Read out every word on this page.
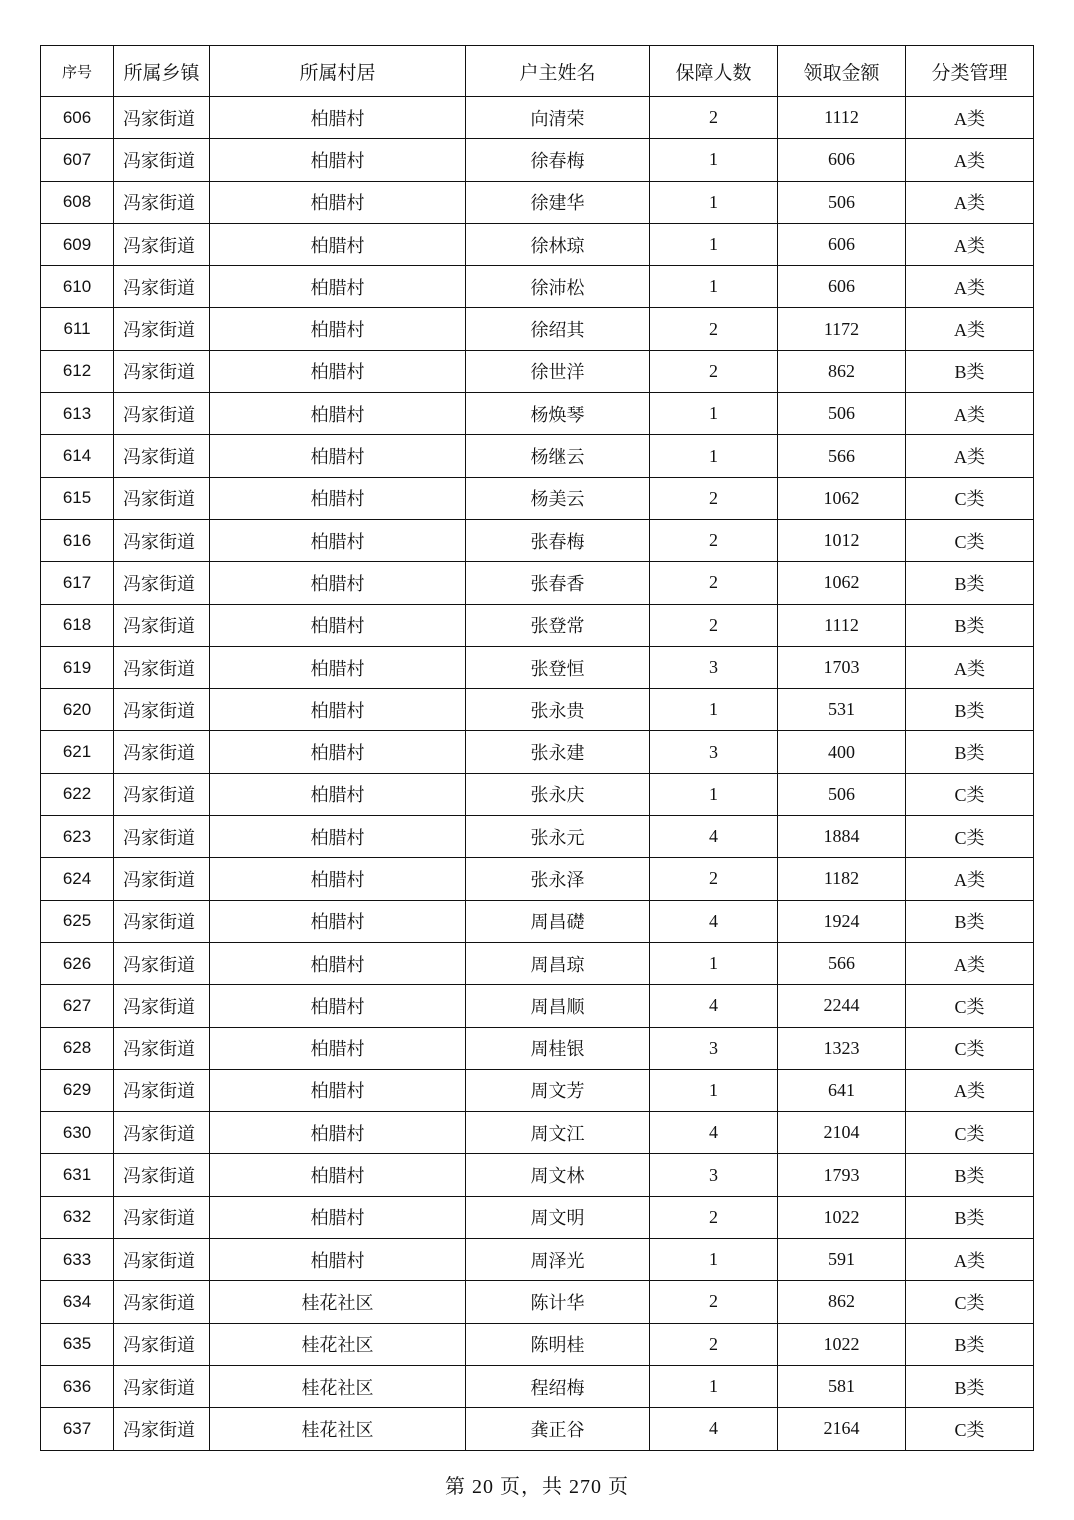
序号	所属乡镇	所属村居	户主姓名	保障人数	领取金额	分类管理
606	冯家街道	柏腊村	向清荣	2	1112	A类
607	冯家街道	柏腊村	徐春梅	1	606	A类
608	冯家街道	柏腊村	徐建华	1	506	A类
609	冯家街道	柏腊村	徐林琼	1	606	A类
610	冯家街道	柏腊村	徐沛松	1	606	A类
611	冯家街道	柏腊村	徐绍其	2	1172	A类
612	冯家街道	柏腊村	徐世洋	2	862	B类
613	冯家街道	柏腊村	杨焕琴	1	506	A类
614	冯家街道	柏腊村	杨继云	1	566	A类
615	冯家街道	柏腊村	杨美云	2	1062	C类
616	冯家街道	柏腊村	张春梅	2	1012	C类
617	冯家街道	柏腊村	张春香	2	1062	B类
618	冯家街道	柏腊村	张登常	2	1112	B类
619	冯家街道	柏腊村	张登恒	3	1703	A类
620	冯家街道	柏腊村	张永贵	1	531	B类
621	冯家街道	柏腊村	张永建	3	400	B类
622	冯家街道	柏腊村	张永庆	1	506	C类
623	冯家街道	柏腊村	张永元	4	1884	C类
624	冯家街道	柏腊村	张永泽	2	1182	A类
625	冯家街道	柏腊村	周昌礎	4	1924	B类
626	冯家街道	柏腊村	周昌琼	1	566	A类
627	冯家街道	柏腊村	周昌顺	4	2244	C类
628	冯家街道	柏腊村	周桂银	3	1323	C类
629	冯家街道	柏腊村	周文芳	1	641	A类
630	冯家街道	柏腊村	周文江	4	2104	C类
631	冯家街道	柏腊村	周文林	3	1793	B类
632	冯家街道	柏腊村	周文明	2	1022	B类
633	冯家街道	柏腊村	周泽光	1	591	A类
634	冯家街道	桂花社区	陈计华	2	862	C类
635	冯家街道	桂花社区	陈明桂	2	1022	B类
636	冯家街道	桂花社区	程绍梅	1	581	B类
637	冯家街道	桂花社区	龚正谷	4	2164	C类
第 20 页，共 270 页
